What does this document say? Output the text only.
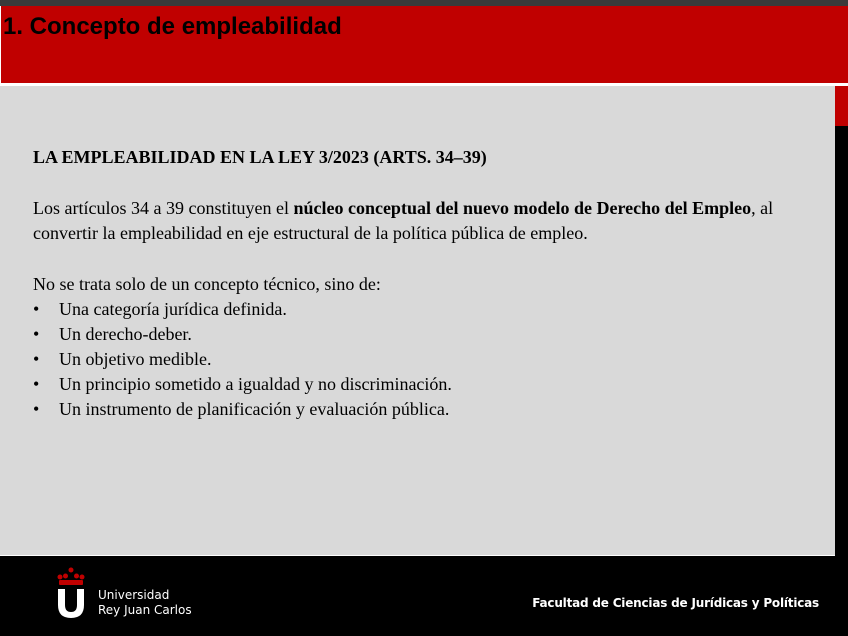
1. Concepto de empleabilidad

LA EMPLEABILIDAD EN LA LEY 3/2023 (ARTS. 34–39)

Los artículos 34 a 39 constituyen el núcleo conceptual del nuevo modelo de Derecho del Empleo, al convertir la empleabilidad en eje estructural de la política pública de empleo.

No se trata solo de un concepto técnico, sino de:

• Una categoría jurídica definida.
• Un derecho-deber.
• Un objetivo medible.
• Un principio sometido a igualdad y no discriminación.
• Un instrumento de planificación y evaluación pública.
Universidad
Rey Juan Carlos	Facultad de Ciencias de Jurídicas y Políticas
